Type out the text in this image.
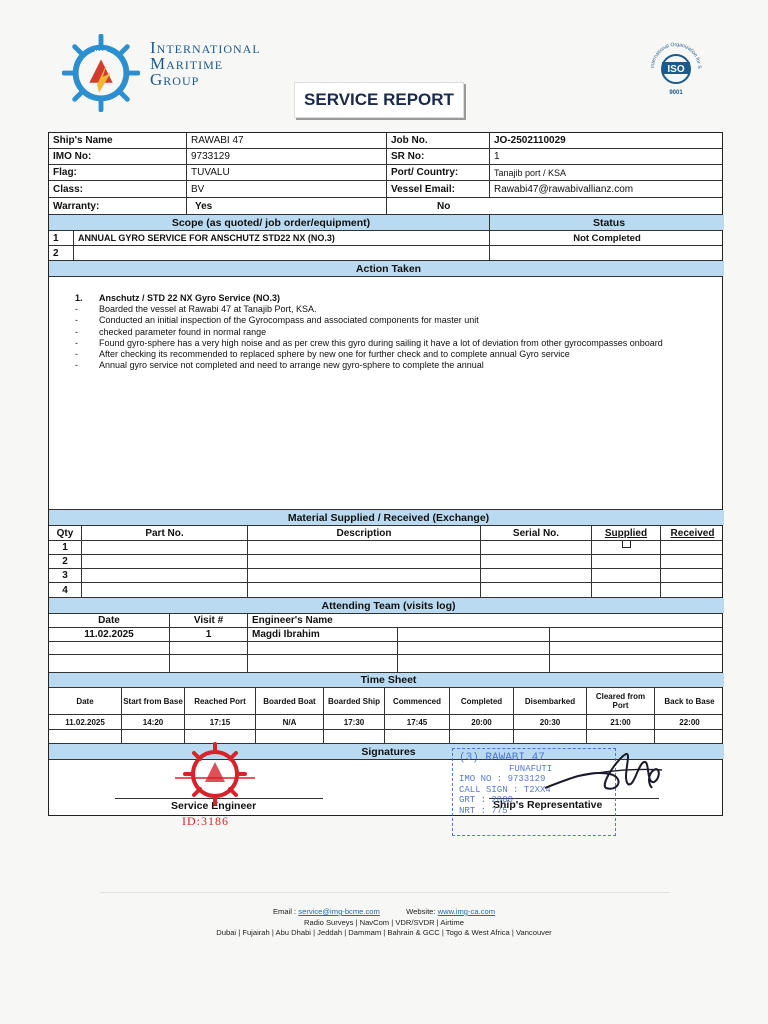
IMG	International
Maritime
Group
International Organization for S
ISO
9001
SERVICE REPORT
Ship's Name	RAWABI 47	Job No.	JO-2502110029
IMO No:	9733129	SR No:	1
Flag:	TUVALU	Port/ Country:	Tanajib port / KSA
Class:	BV	Vessel Email:	Rawabi47@rawabivallianz.com
Warranty:	Yes	No
Scope (as quoted/ job order/equipment)	Status
1	ANNUAL GYRO SERVICE FOR ANSCHUTZ STD22 NX (NO.3)	Not Completed
2
Action Taken
1. Anschutz / STD 22 NX Gyro Service (NO.3)
- Boarded the vessel at Rawabi 47 at Tanajib Port, KSA.
- Conducted an initial inspection of the Gyrocompass and associated components for master unit
- checked parameter found in normal range
- Found gyro-sphere has a very high noise and as per crew this gyro during sailing it have a lot of deviation from other gyrocompasses onboard
- After checking its recommended to replaced sphere by new one for further check and to complete annual Gyro service
- Annual gyro service not completed and need to arrange new gyro-sphere to complete the annual
Material Supplied / Received (Exchange)
Qty	Part No.	Description	Serial No.	Supplied	Received
1
2
3
4
Attending Team (visits log)
Date	Visit #	Engineer's Name
11.02.2025	1	Magdi Ibrahim
Time Sheet
Date	Start from Base	Reached Port	Boarded Boat	Boarded Ship	Commenced	Completed	Disembarked	Cleared from Port	Back to Base
11.02.2025	14:20	17:15	N/A	17:30	17:45	20:00	20:30	21:00	22:00
Signatures
Service Engineer	Ship's Representative
ID:3186
(3) RAWABI 47
FUNAFUTI
IMO NO : 9733129
CALL SIGN : T2XX4
GRT : 2000
NRT : 775
Email : service@img-bcme.com	Website: www.img-ca.com
Radio Surveys | NavCom | VDR/SVDR | Airtime
Dubai | Fujairah | Abu Dhabi | Jeddah | Dammam | Bahrain & GCC | Togo & West Africa | Vancouver
